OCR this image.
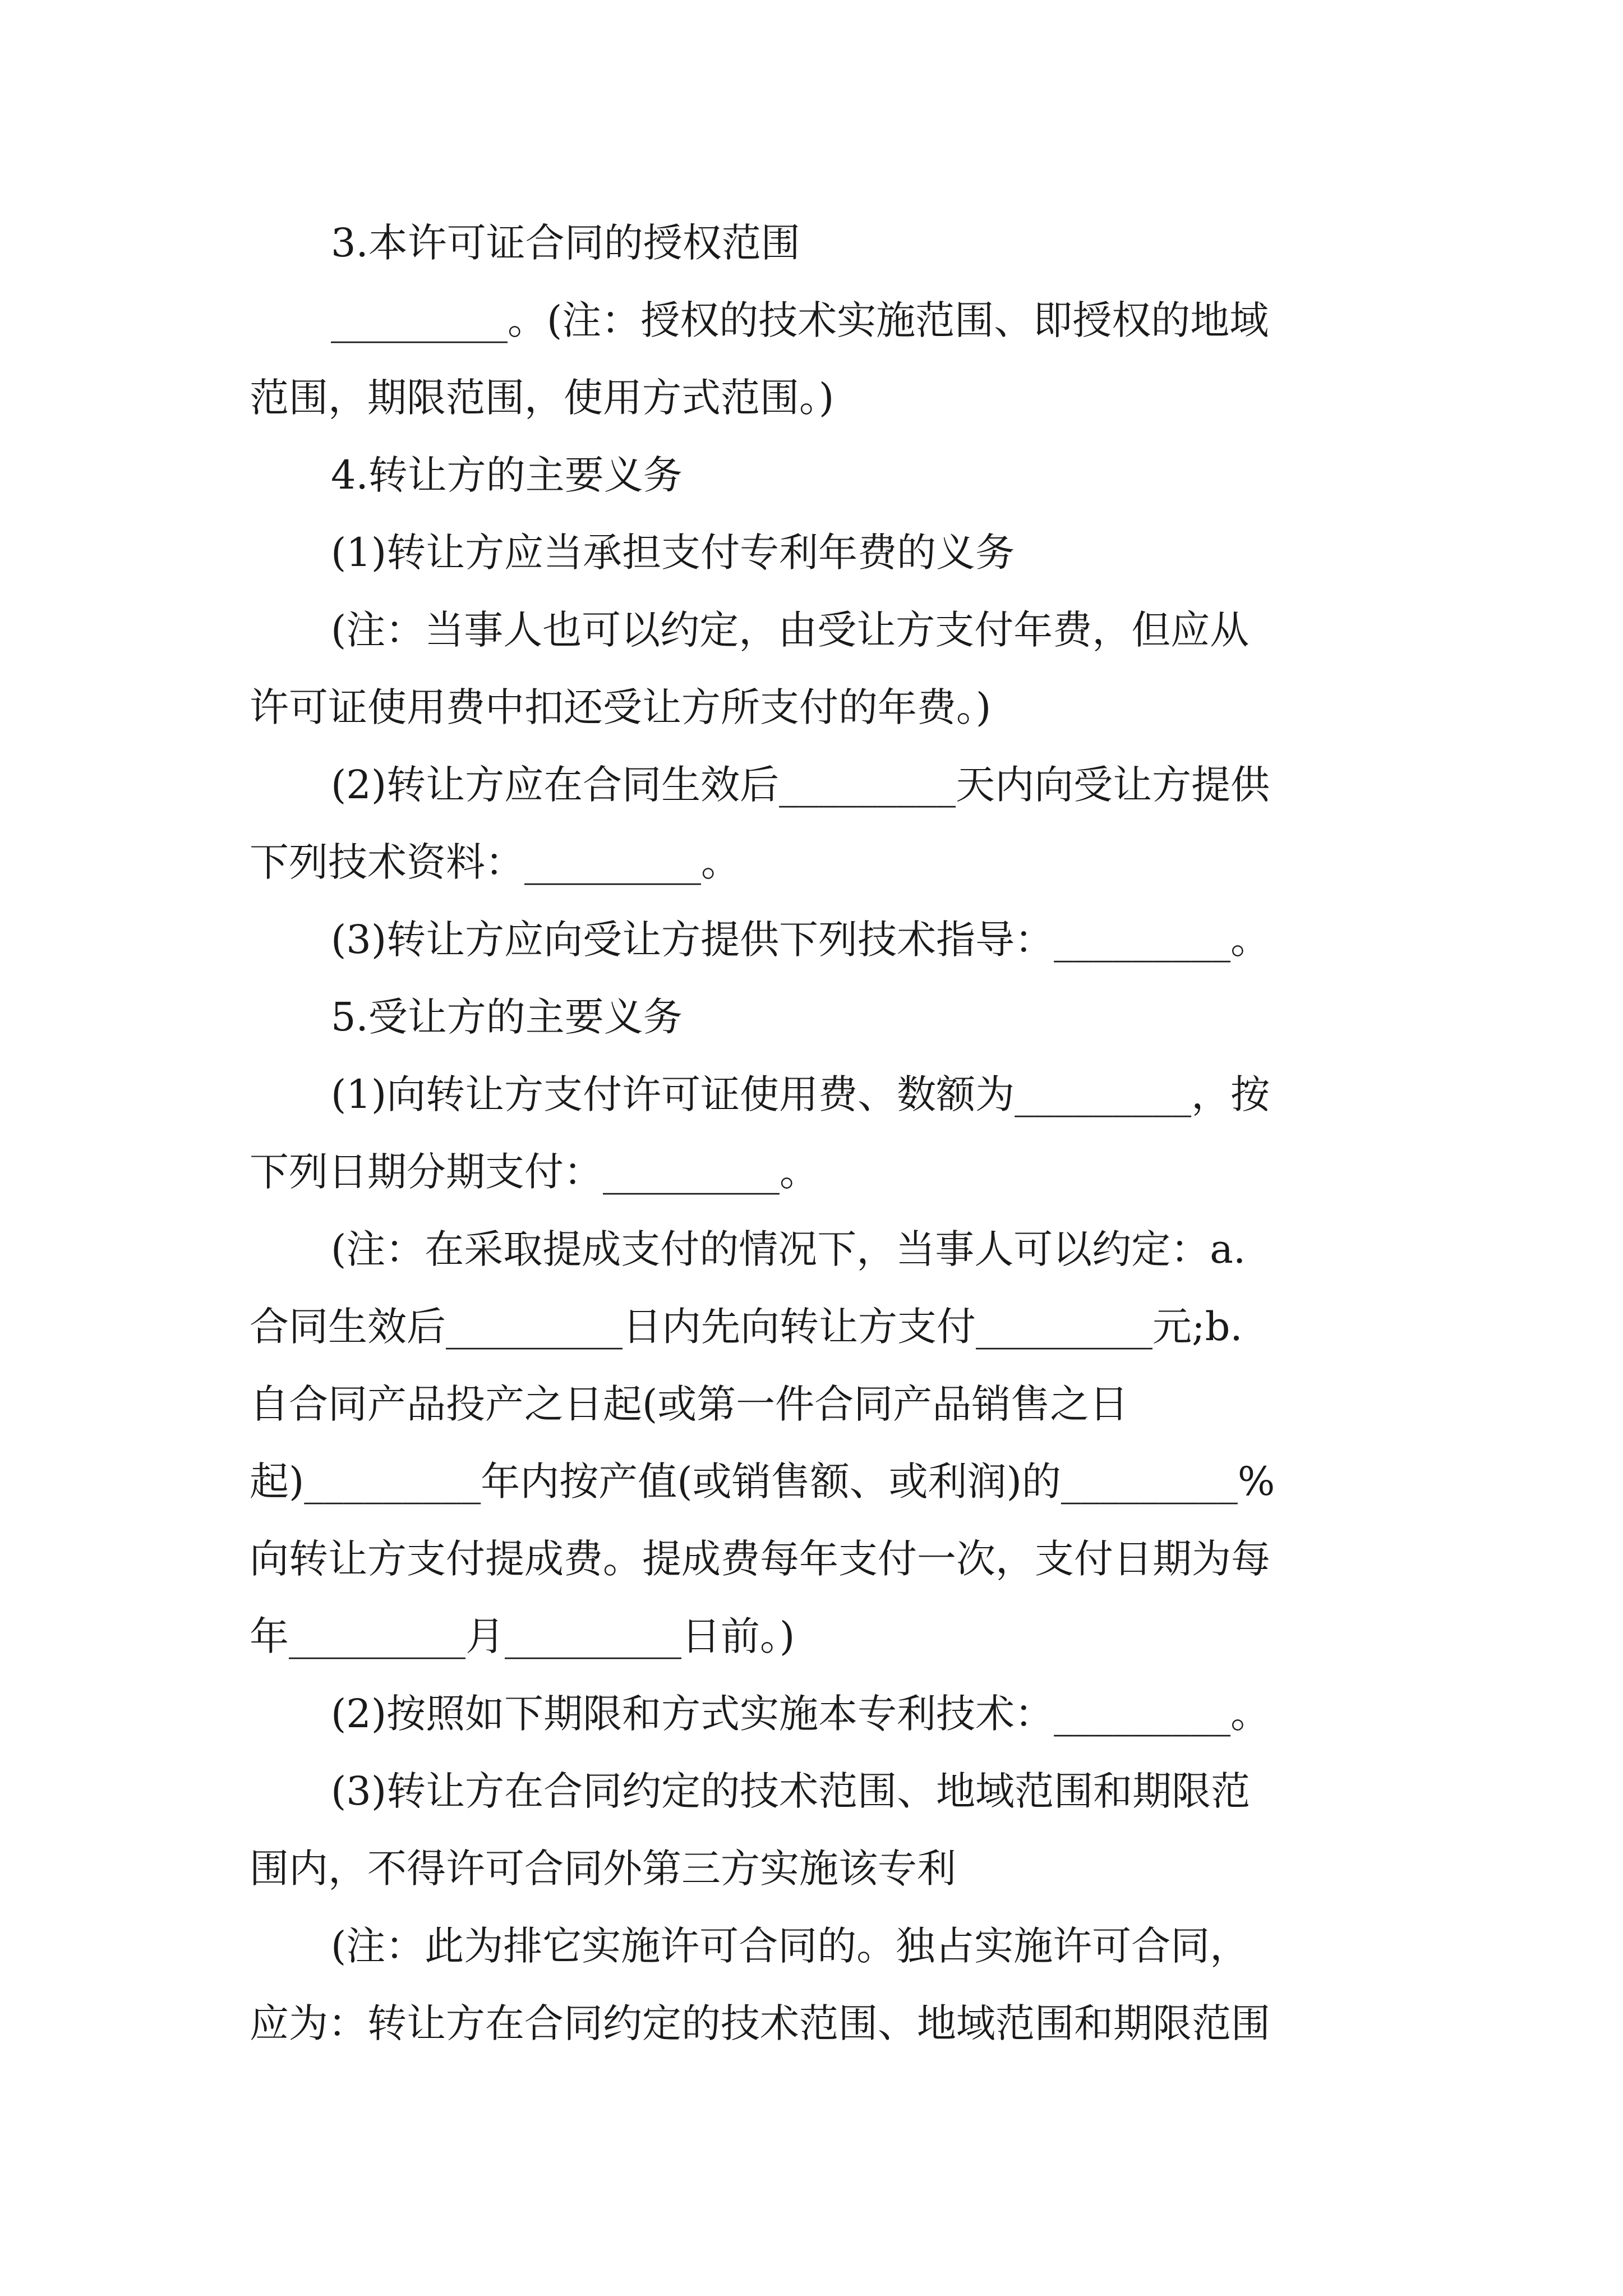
3.本许可证合同的授权范围
_________。(注：授权的技术实施范围、即授权的地域
范围，期限范围，使用方式范围。)
4.转让方的主要义务
(1)转让方应当承担支付专利年费的义务
(注：当事人也可以约定，由受让方支付年费，但应从
许可证使用费中扣还受让方所支付的年费。)
(2)转让方应在合同生效后_________天内向受让方提供
下列技术资料：_________。
(3)转让方应向受让方提供下列技术指导：_________。
5.受让方的主要义务
(1)向转让方支付许可证使用费、数额为_________，按
下列日期分期支付：_________。
(注：在采取提成支付的情况下，当事人可以约定：a.
合同生效后_________日内先向转让方支付_________元;b.
自合同产品投产之日起(或第一件合同产品销售之日
起)_________年内按产值(或销售额、或利润)的_________%
向转让方支付提成费。提成费每年支付一次，支付日期为每
年_________月_________日前。)
(2)按照如下期限和方式实施本专利技术：_________。
(3)转让方在合同约定的技术范围、地域范围和期限范
围内，不得许可合同外第三方实施该专利
(注：此为排它实施许可合同的。独占实施许可合同，
应为：转让方在合同约定的技术范围、地域范围和期限范围
